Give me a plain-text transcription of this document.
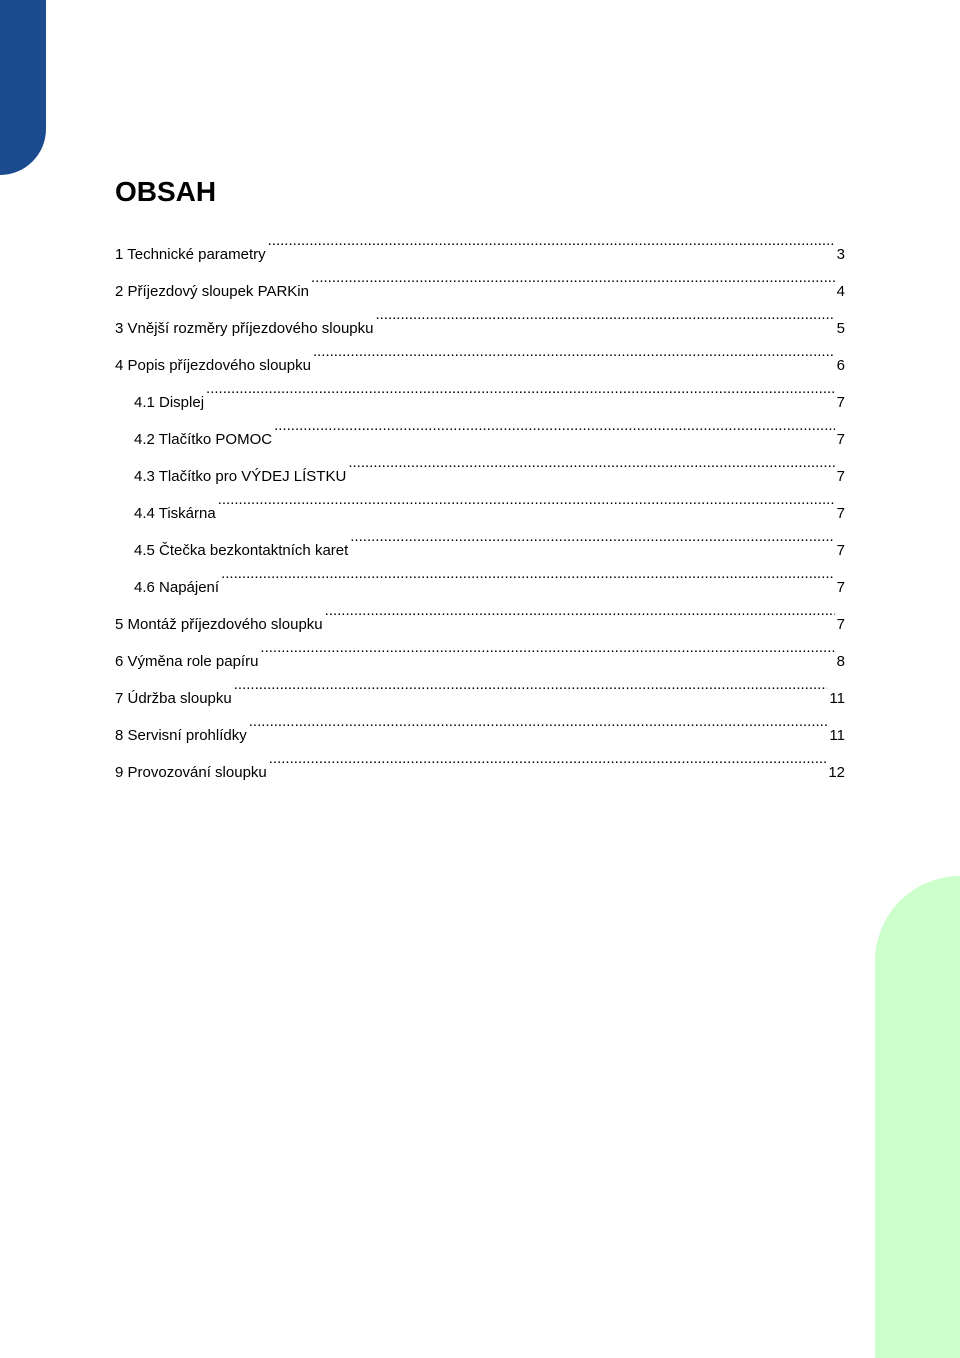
OBSAH
1 Technické parametry .....	3
2 Příjezdový sloupek PARKin .....	4
3 Vnější rozměry příjezdového sloupku .....	5
4 Popis příjezdového sloupku .....	6
4.1 Displej .....	7
4.2 Tlačítko POMOC .....	7
4.3 Tlačítko pro VÝDEJ LÍSTKU .....	7
4.4 Tiskárna .....	7
4.5 Čtečka bezkontaktních karet .....	7
4.6 Napájení .....	7
5 Montáž příjezdového sloupku .....	7
6 Výměna role papíru .....	8
7 Údržba sloupku .....	11
8 Servisní prohlídky .....	11
9 Provozování sloupku .....	12
